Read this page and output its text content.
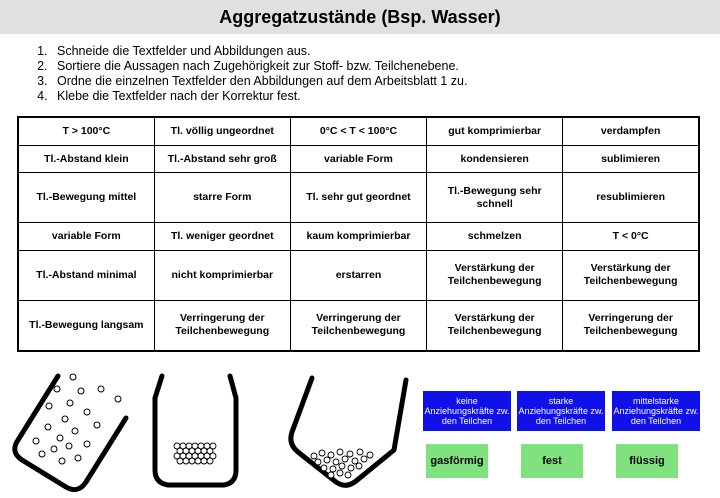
Aggregatzustände (Bsp. Wasser)
1. Schneide die Textfelder und Abbildungen aus.
2. Sortiere die Aussagen nach Zugehörigkeit zur Stoff- bzw. Teilchenebene.
3. Ordne die einzelnen Textfelder den Abbildungen auf dem Arbeitsblatt 1 zu.
4. Klebe die Textfelder nach der Korrektur fest.
T > 100°C	Tl. völlig ungeordnet	0°C < T < 100°C	gut komprimierbar	verdampfen
Tl.-Abstand klein	Tl.-Abstand sehr groß	variable Form	kondensieren	sublimieren
Tl.-Bewegung mittel	starre Form	Tl. sehr gut geordnet	Tl.-Bewegung sehr schnell	resublimieren
variable Form	Tl. weniger geordnet	kaum komprimierbar	schmelzen	T < 0°C
Tl.-Abstand minimal	nicht komprimierbar	erstarren	Verstärkung der Teilchenbewegung	Verstärkung der Teilchenbewegung
Tl.-Bewegung langsam	Verringerung der Teilchenbewegung	Verringerung der Teilchenbewegung	Verstärkung der Teilchenbewegung	Verringerung der Teilchenbewegung
keine Anziehungskräfte zw. den Teilchen
starke Anziehungskräfte zw. den Teilchen
mittelstarke Anziehungskräfte zw. den Teilchen
gasförmig	fest	flüssig
